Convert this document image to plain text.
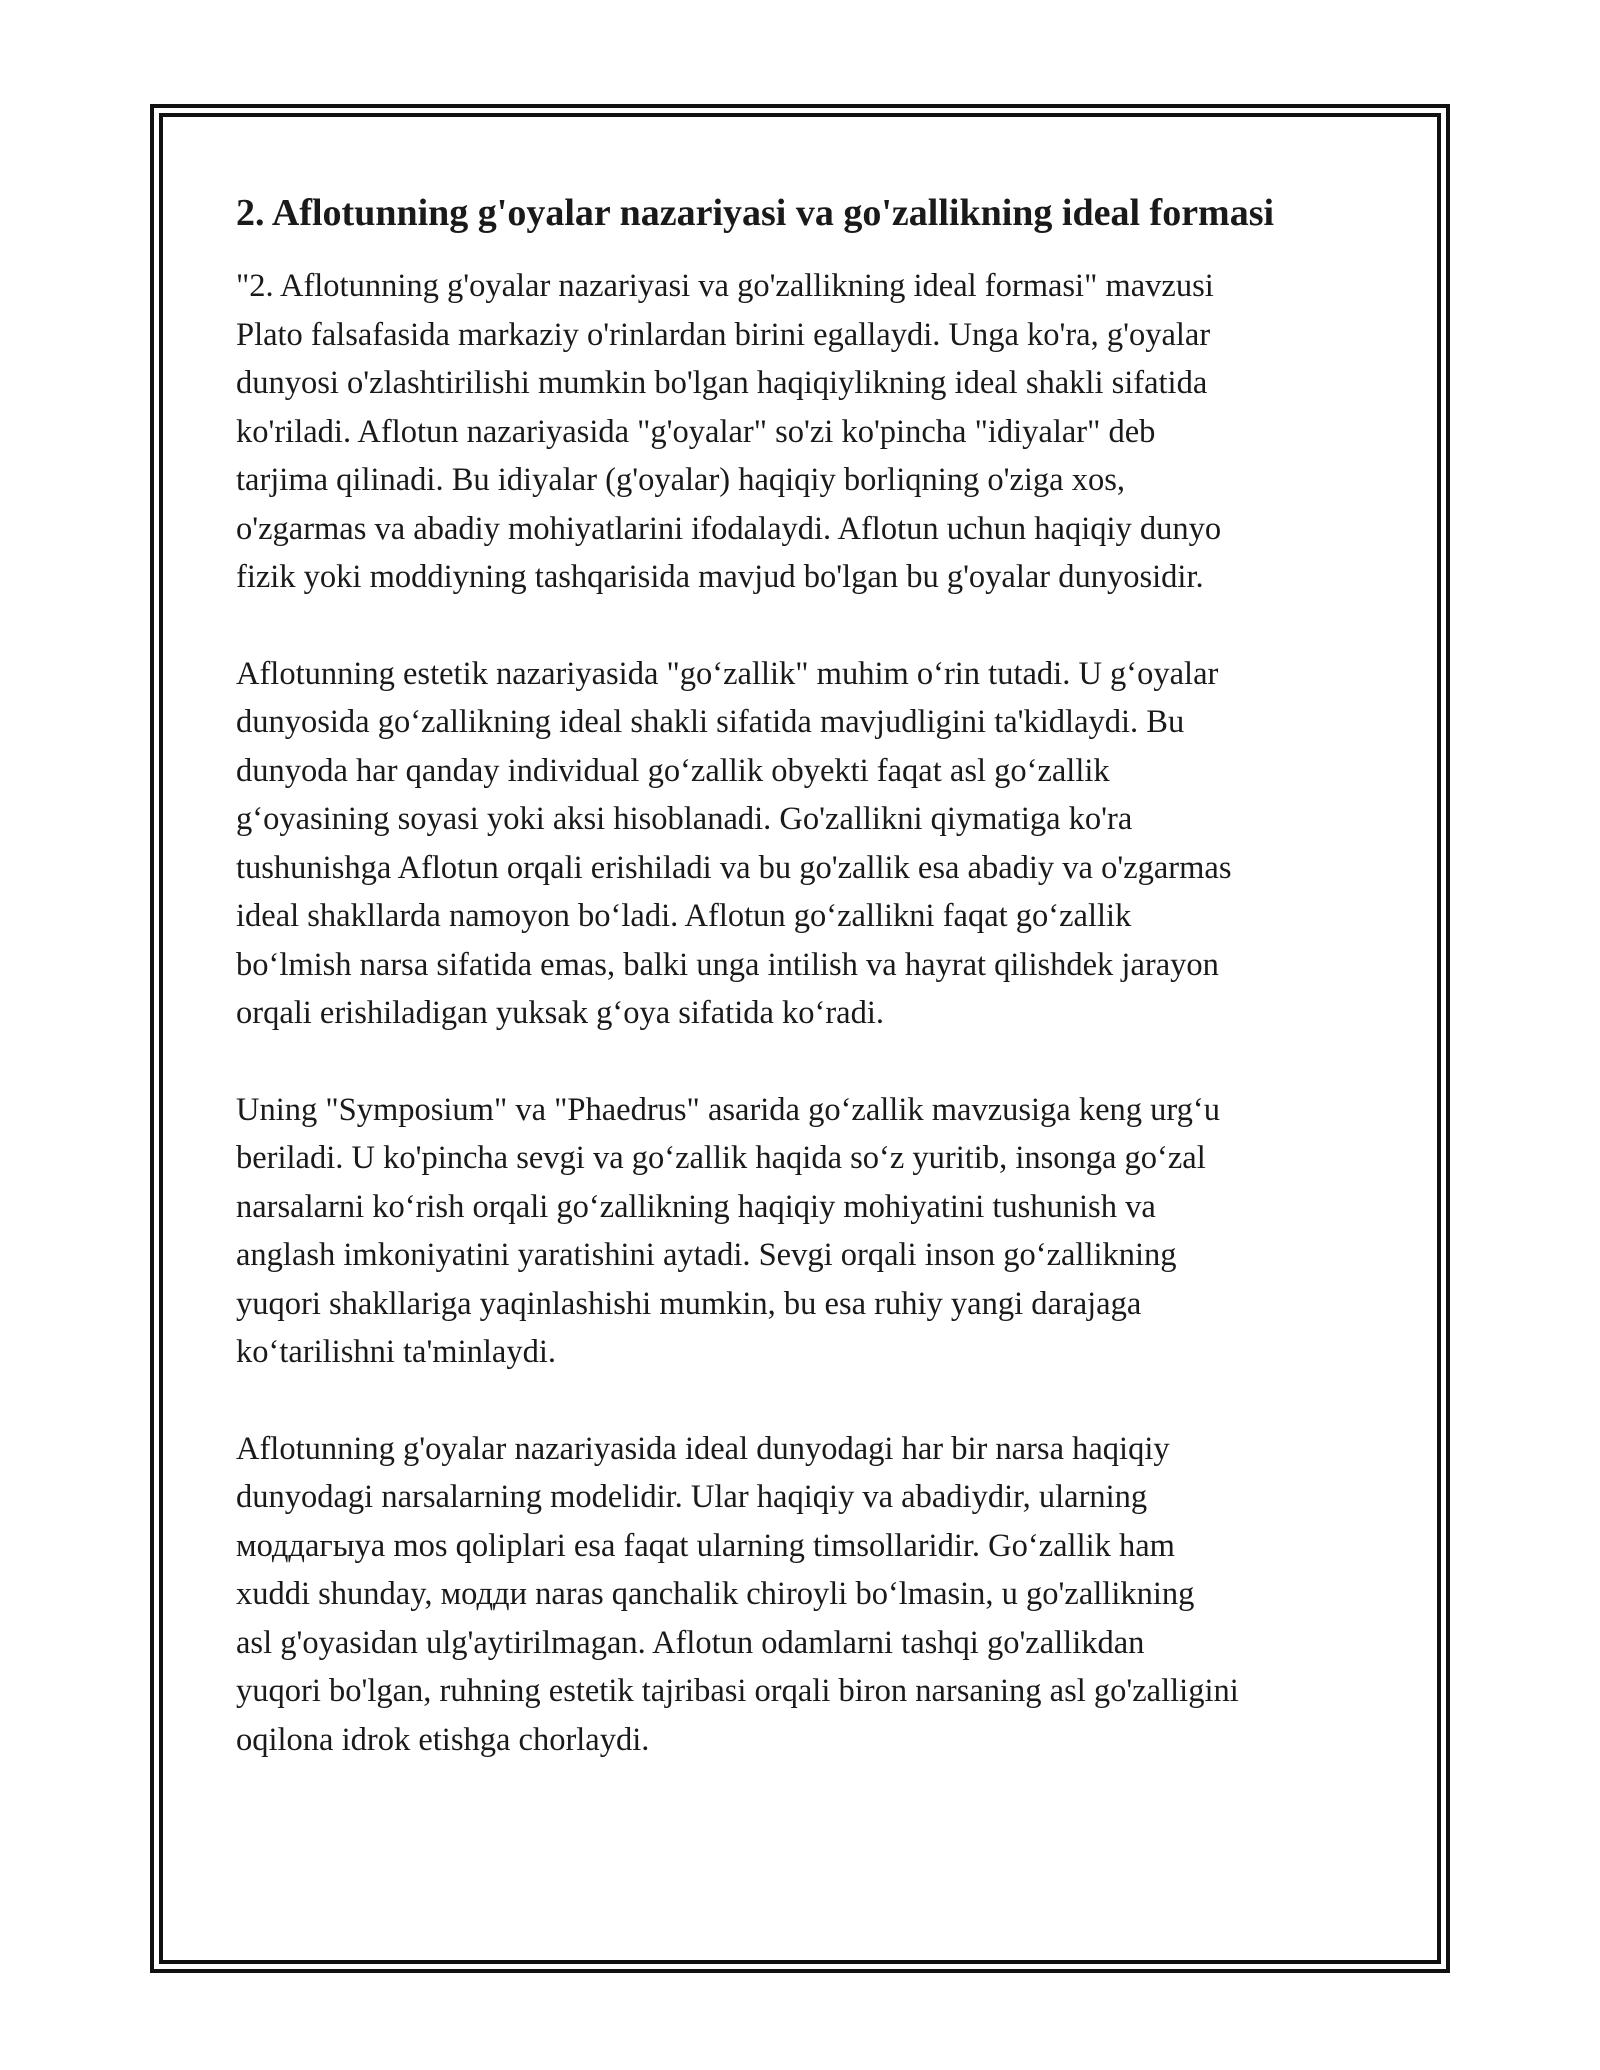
2. Aflotunning g'oyalar nazariyasi va go'zallikning ideal formasi
"2. Aflotunning g'oyalar nazariyasi va go'zallikning ideal formasi" mavzusi
Plato falsafasida markaziy o'rinlardan birini egallaydi. Unga ko'ra, g'oyalar
dunyosi o'zlashtirilishi mumkin bo'lgan haqiqiylikning ideal shakli sifatida
ko'riladi. Aflotun nazariyasida "g'oyalar" so'zi ko'pincha "idiyalar" deb
tarjima qilinadi. Bu idiyalar (g'oyalar) haqiqiy borliqning o'ziga xos,
o'zgarmas va abadiy mohiyatlarini ifodalaydi. Aflotun uchun haqiqiy dunyo
fizik yoki moddiyning tashqarisida mavjud bo'lgan bu g'oyalar dunyosidir.
Aflotunning estetik nazariyasida "go‘zallik" muhim o‘rin tutadi. U g‘oyalar
dunyosida go‘zallikning ideal shakli sifatida mavjudligini ta'kidlaydi. Bu
dunyoda har qanday individual go‘zallik obyekti faqat asl go‘zallik
g‘oyasining soyasi yoki aksi hisoblanadi. Go'zallikni qiymatiga ko'ra
tushunishga Aflotun orqali erishiladi va bu go'zallik esa abadiy va o'zgarmas
ideal shakllarda namoyon bo‘ladi. Aflotun go‘zallikni faqat go‘zallik
bo‘lmish narsa sifatida emas, balki unga intilish va hayrat qilishdek jarayon
orqali erishiladigan yuksak g‘oya sifatida ko‘radi.
Uning "Symposium" va "Phaedrus" asarida go‘zallik mavzusiga keng urg‘u
beriladi. U ko'pincha sevgi va go‘zallik haqida so‘z yuritib, insonga go‘zal
narsalarni ko‘rish orqali go‘zallikning haqiqiy mohiyatini tushunish va
anglash imkoniyatini yaratishini aytadi. Sevgi orqali inson go‘zallikning
yuqori shakllariga yaqinlashishi mumkin, bu esa ruhiy yangi darajaga
ko‘tarilishni ta'minlaydi.
Aflotunning g'oyalar nazariyasida ideal dunyodagi har bir narsa haqiqiy
dunyodagi narsalarning modelidir. Ular haqiqiy va abadiydir, ularning
моддагыya mos qoliplari esa faqat ularning timsollaridir. Go‘zallik ham
xuddi shunday, модди naras qanchalik chiroyli bo‘lmasin, u go'zallikning
asl g'oyasidan ulg'aytirilmagan. Aflotun odamlarni tashqi go'zallikdan
yuqori bo'lgan, ruhning estetik tajribasi orqali biron narsaning asl go'zalligini
oqilona idrok etishga chorlaydi.
